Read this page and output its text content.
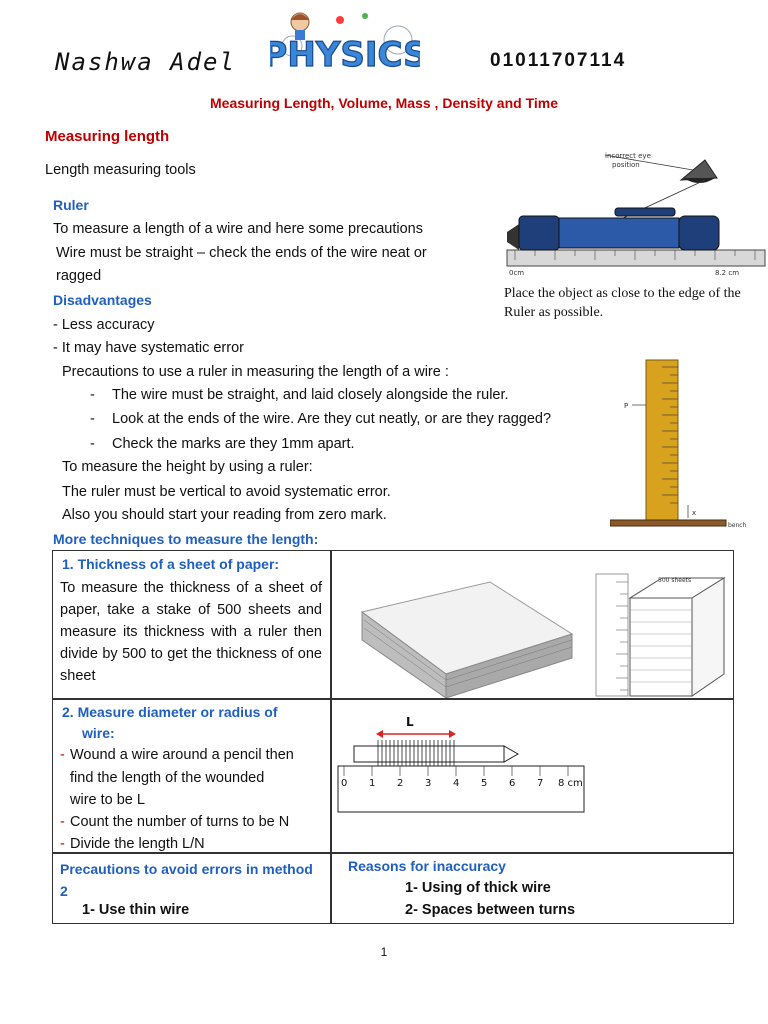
Nashwa Adel PHYSICS	01011707114
Measuring Length, Volume, Mass , Density and Time
Measuring length
Length measuring tools
Ruler
To measure a length of a wire and here some precautions
Wire must be straight – check the ends of the wire neat or
ragged
Disadvantages
- Less accuracy
- It may have systematic error
Precautions to use a ruler in measuring the length of a wire :
- The wire must be straight, and laid closely alongside the ruler.
- Look at the ends of the wire. Are they cut neatly, or are they ragged?
- Check the marks are they 1mm apart.
To measure the height by using a ruler:
The ruler must be vertical to avoid systematic error.
Also you should start your reading from zero mark.
incorrect eye
position
0cm	8.2 cm
Place the object as close to the edge of the Ruler as possible.
P
x
bench
More techniques to measure the length:
1. Thickness of a sheet of paper:
To measure the thickness of a sheet of paper, take a stake of 500 sheets and measure its thickness with a ruler then divide by 500 to get the thickness of one sheet
500 sheets
2. Measure diameter or radius of
wire:
- Wound a wire around a pencil then
find the length of the wounded
wire to be L
- Count the number of turns to be N
- Divide the length L/N
L
0 1 2 3 4 5 6 7 8 cm
Precautions to avoid errors in method 2
1- Use thin wire
Reasons for inaccuracy
1- Using of thick wire
2- Spaces between turns
1
